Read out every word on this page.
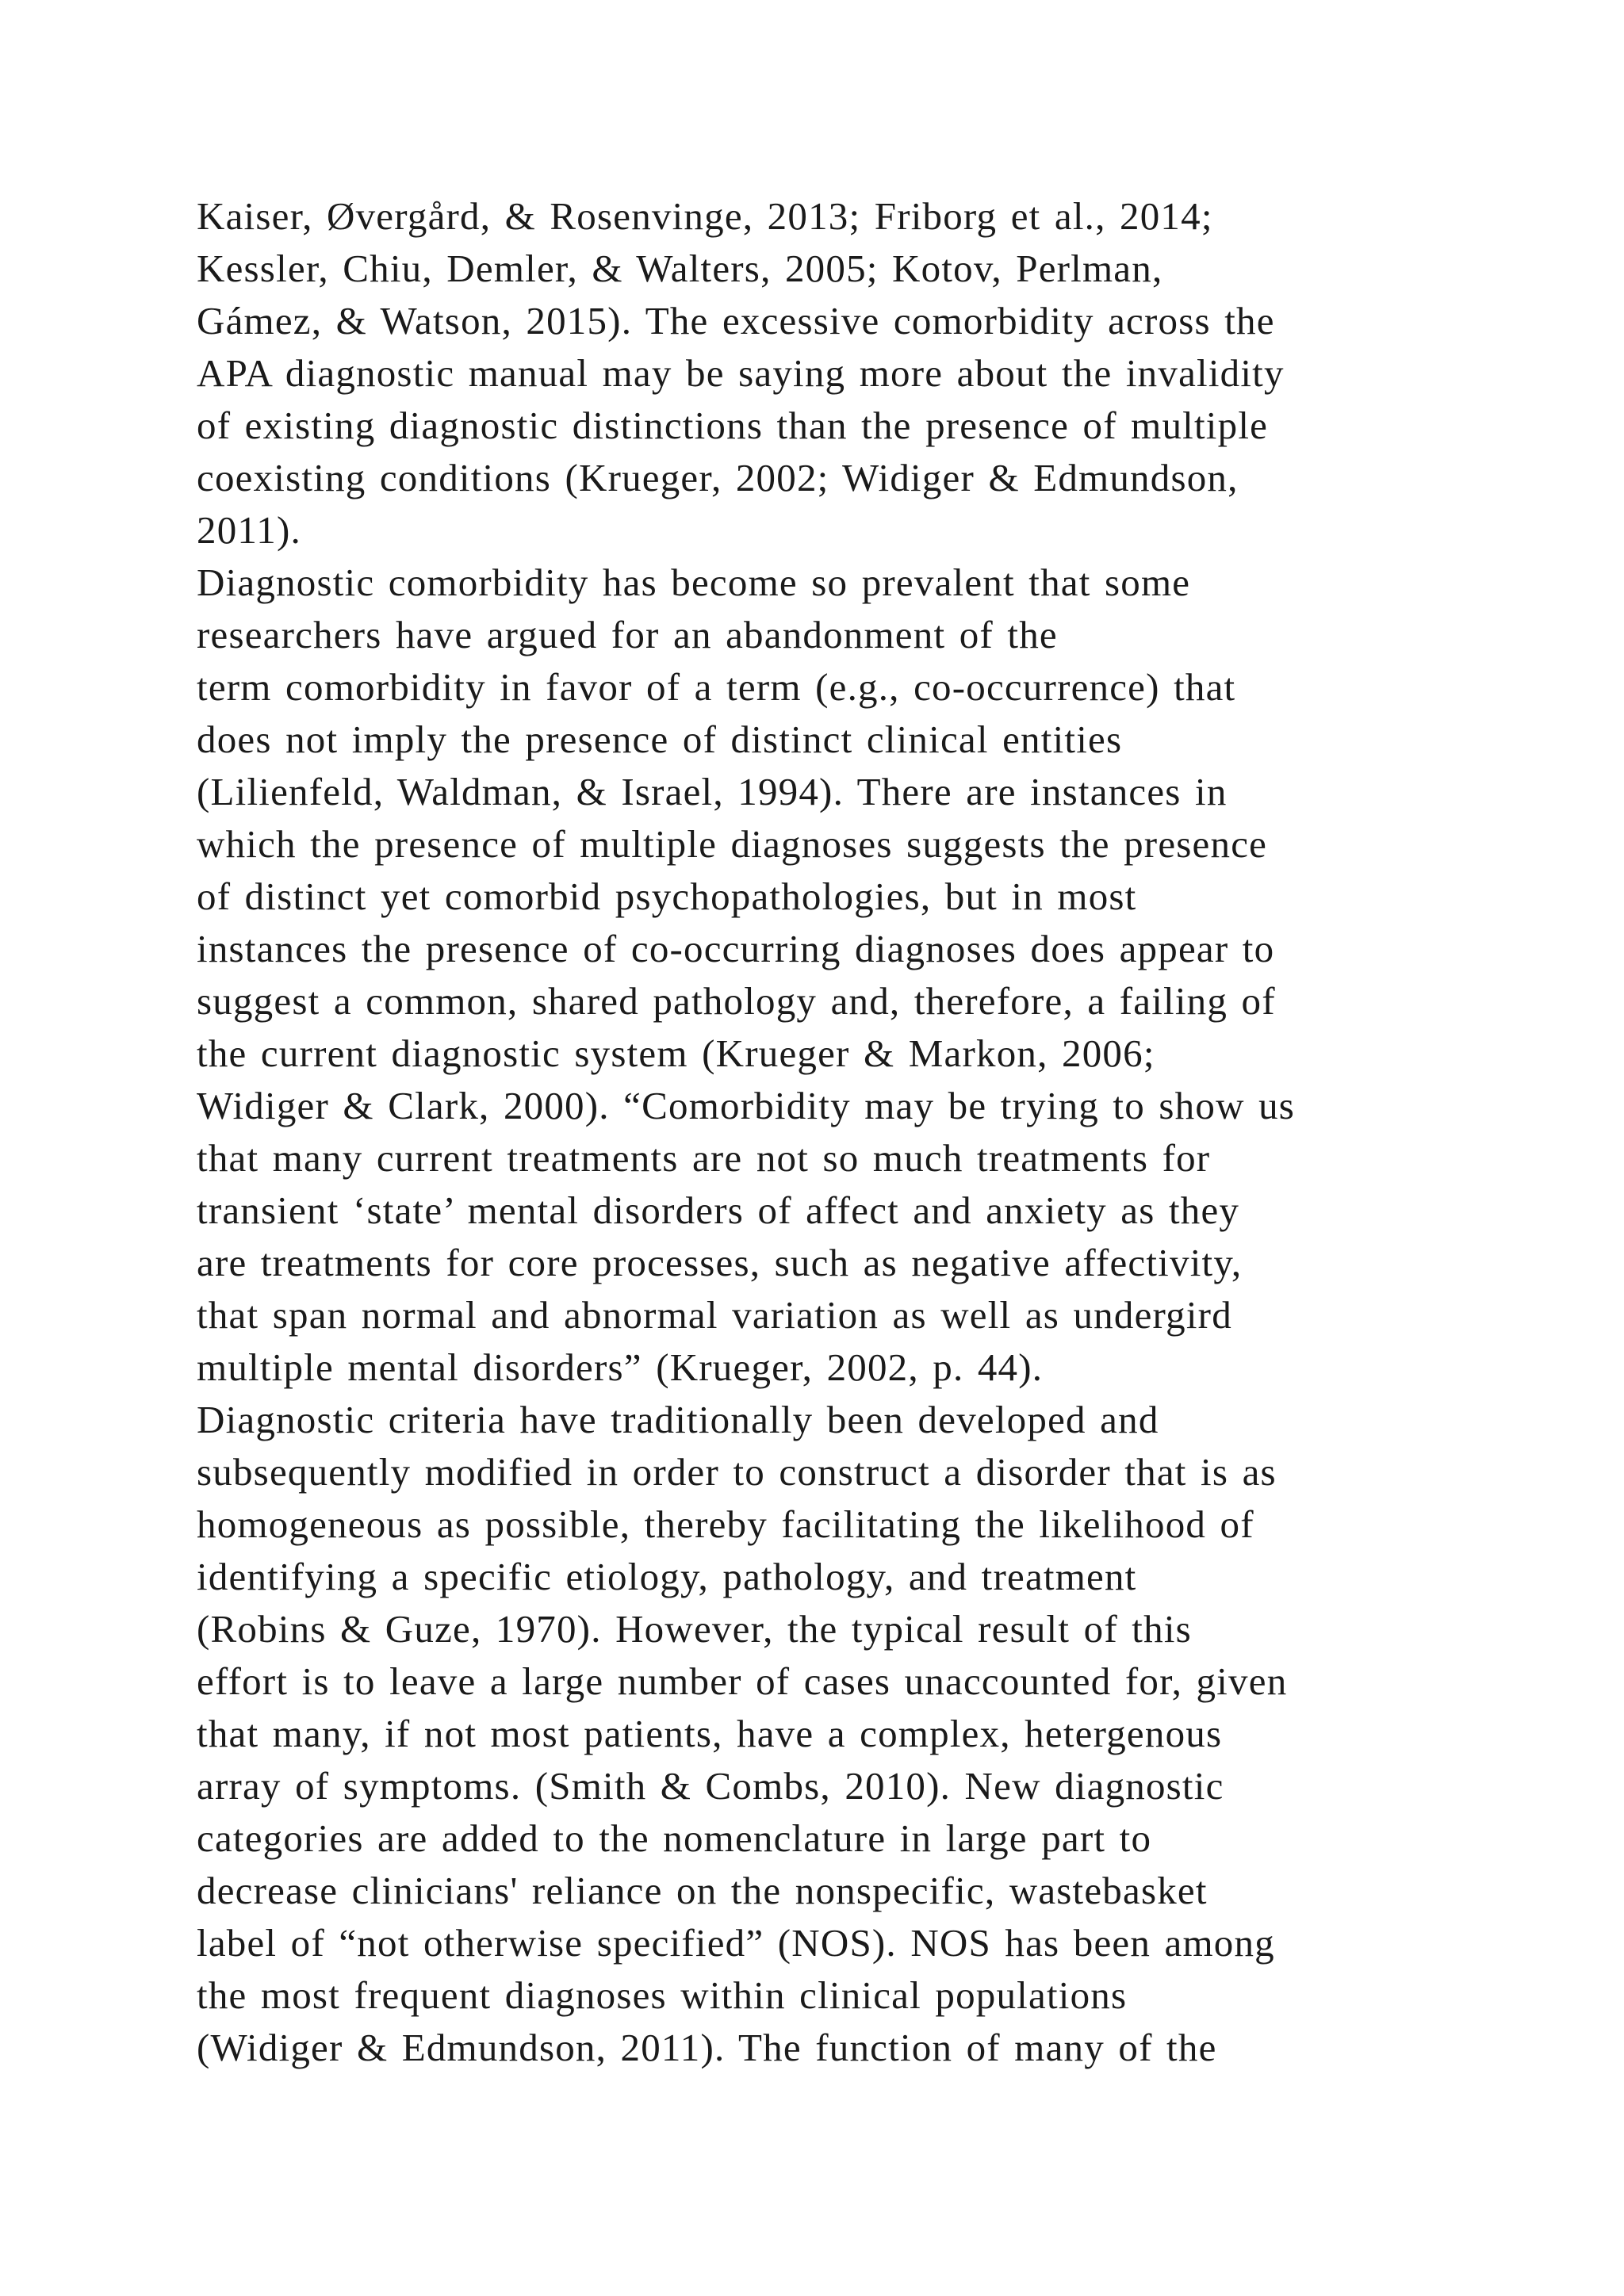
Kaiser, Øvergård, & Rosenvinge, 2013; Friborg et al., 2014;
Kessler, Chiu, Demler, & Walters, 2005; Kotov, Perlman,
Gámez, & Watson, 2015). The excessive comorbidity across the
APA diagnostic manual may be saying more about the invalidity
of existing diagnostic distinctions than the presence of multiple
coexisting conditions (Krueger, 2002; Widiger & Edmundson,
2011).
Diagnostic comorbidity has become so prevalent that some
researchers have argued for an abandonment of the
term comorbidity in favor of a term (e.g., co-occurrence) that
does not imply the presence of distinct clinical entities
(Lilienfeld, Waldman, & Israel, 1994). There are instances in
which the presence of multiple diagnoses suggests the presence
of distinct yet comorbid psychopathologies, but in most
instances the presence of co-occurring diagnoses does appear to
suggest a common, shared pathology and, therefore, a failing of
the current diagnostic system (Krueger & Markon, 2006;
Widiger & Clark, 2000). “Comorbidity may be trying to show us
that many current treatments are not so much treatments for
transient ‘state’ mental disorders of affect and anxiety as they
are treatments for core processes, such as negative affectivity,
that span normal and abnormal variation as well as undergird
multiple mental disorders” (Krueger, 2002, p. 44).
Diagnostic criteria have traditionally been developed and
subsequently modified in order to construct a disorder that is as
homogeneous as possible, thereby facilitating the likelihood of
identifying a specific etiology, pathology, and treatment
(Robins & Guze, 1970). However, the typical result of this
effort is to leave a large number of cases unaccounted for, given
that many, if not most patients, have a complex, hetergenous
array of symptoms. (Smith & Combs, 2010). New diagnostic
categories are added to the nomenclature in large part to
decrease clinicians' reliance on the nonspecific, wastebasket
label of “not otherwise specified” (NOS). NOS has been among
the most frequent diagnoses within clinical populations
(Widiger & Edmundson, 2011). The function of many of the
